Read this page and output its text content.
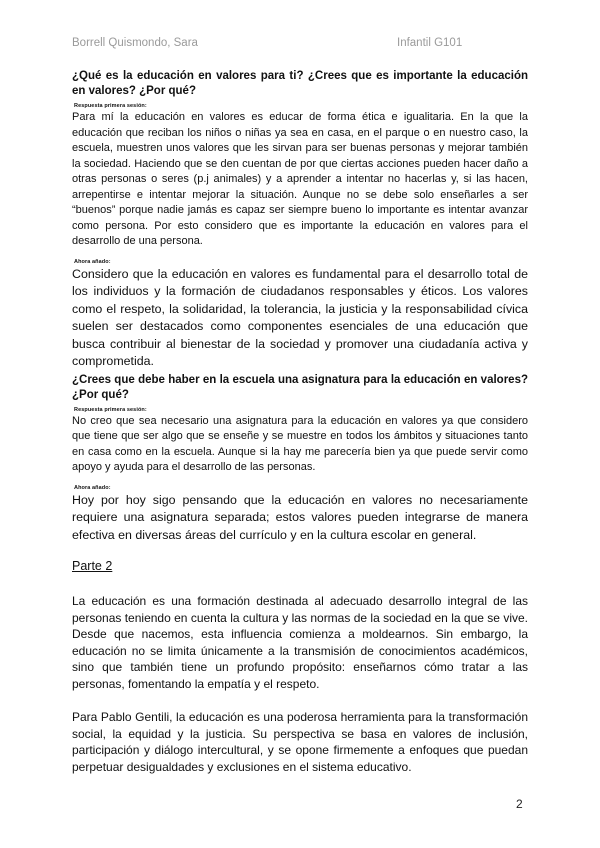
Borrell Quismondo, Sara	Infantil G101

¿Qué es la educación en valores para ti? ¿Crees que es importante la educación en valores? ¿Por qué?

Respuesta primera sesión:

Para mí la educación en valores es educar de forma ética e igualitaria. En la que la educación que reciban los niños o niñas ya sea en casa, en el parque o en nuestro caso, la escuela, muestren unos valores que les sirvan para ser buenas personas y mejorar también la sociedad. Haciendo que se den cuentan de por que ciertas acciones pueden hacer daño a otras personas o seres (p.j animales) y a aprender a intentar no hacerlas y, si las hacen, arrepentirse e intentar mejorar la situación. Aunque no se debe solo enseñarles a ser “buenos” porque nadie jamás es capaz ser siempre bueno lo importante es intentar avanzar como persona. Por esto considero que es importante la educación en valores para el desarrollo de una persona.

Ahora añado:

Considero que la educación en valores es fundamental para el desarrollo total de los individuos y la formación de ciudadanos responsables y éticos. Los valores como el respeto, la solidaridad, la tolerancia, la justicia y la responsabilidad cívica suelen ser destacados como componentes esenciales de una educación que busca contribuir al bienestar de la sociedad y promover una ciudadanía activa y comprometida.

¿Crees que debe haber en la escuela una asignatura para la educación en valores? ¿Por qué?

Respuesta primera sesión:

No creo que sea necesario una asignatura para la educación en valores ya que considero que tiene que ser algo que se enseñe y se muestre en todos los ámbitos y situaciones tanto en casa como en la escuela. Aunque si la hay me parecería bien ya que puede servir como apoyo y ayuda para el desarrollo de las personas.

Ahora añado:

Hoy por hoy sigo pensando que la educación en valores no necesariamente requiere una asignatura separada; estos valores pueden integrarse de manera efectiva en diversas áreas del currículo y en la cultura escolar en general.

Parte 2

La educación es una formación destinada al adecuado desarrollo integral de las personas teniendo en cuenta la cultura y las normas de la sociedad en la que se vive. Desde que nacemos, esta influencia comienza a moldearnos. Sin embargo, la educación no se limita únicamente a la transmisión de conocimientos académicos, sino que también tiene un profundo propósito: enseñarnos cómo tratar a las personas, fomentando la empatía y el respeto.

Para Pablo Gentili, la educación es una poderosa herramienta para la transformación social, la equidad y la justicia. Su perspectiva se basa en valores de inclusión, participación y diálogo intercultural, y se opone firmemente a enfoques que puedan perpetuar desigualdades y exclusiones en el sistema educativo.

2
